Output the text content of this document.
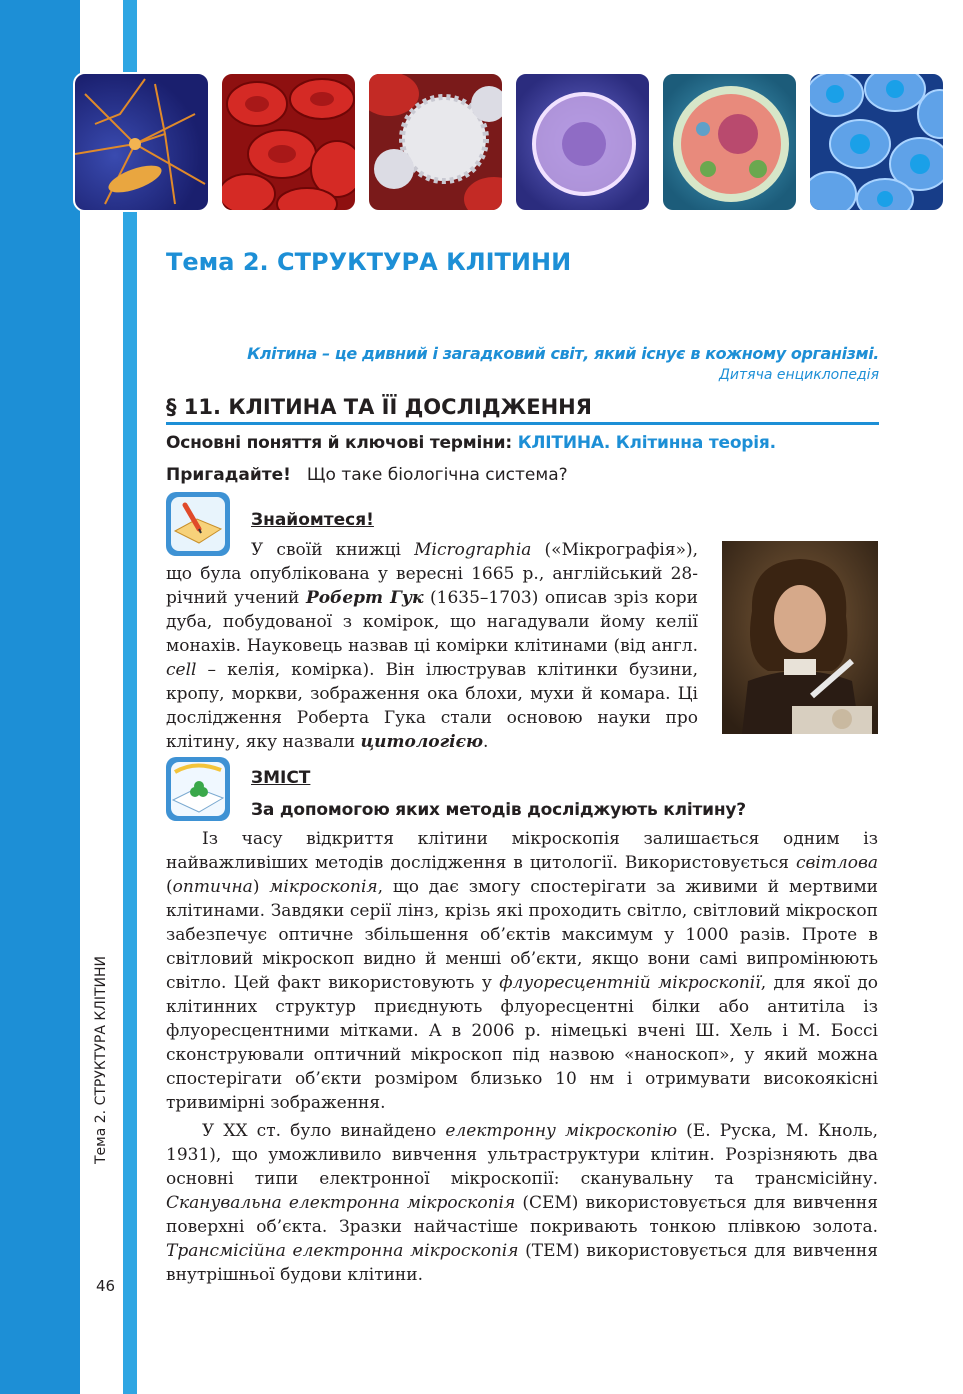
Тема 2. СТРУКТУРА КЛІТИНИ
46
Тема 2. СТРУКТУРА КЛІТИНИ
Клітина – це дивний і загадковий світ, який існує в кожному організмі.
Дитяча енциклопедія
§ 11. КЛІТИНА ТА ЇЇ ДОСЛІДЖЕННЯ
Основні поняття й ключові терміни: КЛІТИНА. Клітинна теорія.
Пригадайте! Що таке біологічна система?
Знайомтеся!

У своїй книжці Micrographia («Мікрографія»), що була опублікована у вересні 1665 р., англійський 28-річний учений Роберт Гук (1635–1703) описав зріз кори дуба, побудованої з комірок, що нагадували йому келії монахів. Науковець назвав ці комірки клітинами (від англ. cell – келія, комірка). Він ілюстрував клітинки бузини, кропу, моркви, зображення ока блохи, мухи й комара. Ці дослідження Роберта Гука стали основою науки про клітину, яку назвали цитологією.

ЗМІСТ
За допомогою яких методів досліджують клітину?

Із часу відкриття клітини мікроскопія залишається одним із найважливіших методів дослідження в цитології. Використовується світлова (оптична) мікроскопія, що дає змогу спостерігати за живими й мертвими клітинами. Завдяки серії лінз, крізь які проходить світло, світловий мікроскоп забезпечує оптичне збільшення об’єктів максимум у 1000 разів. Проте в світловий мікроскоп видно й менші об’єкти, якщо вони самі випромінюють світло. Цей факт використовують у флуоресцентній мікроскопії, для якої до клітинних структур приєднують флуоресцентні білки або антитіла із флуоресцентними мітками. А в 2006 р. німецькі вчені Ш. Хель і М. Боссі сконструювали оптичний мікроскоп під назвою «наноскоп», у який можна спостерігати об’єкти розміром близько 10 нм і отримувати високоякісні тривимірні зображення.

У XX ст. було винайдено електронну мікроскопію (Е. Руска, М. Кноль, 1931), що уможливило вивчення ультраструктури клітин. Розрізняють два основні типи електронної мікроскопії: сканувальну та трансмісійну. Сканувальна електронна мікроскопія (СЕМ) використовується для вивчення поверхні об’єкта. Зразки найчастіше покривають тонкою плівкою золота. Трансмісійна електронна мікроскопія (ТЕМ) використовується для вивчення внутрішньої будови клітини.
